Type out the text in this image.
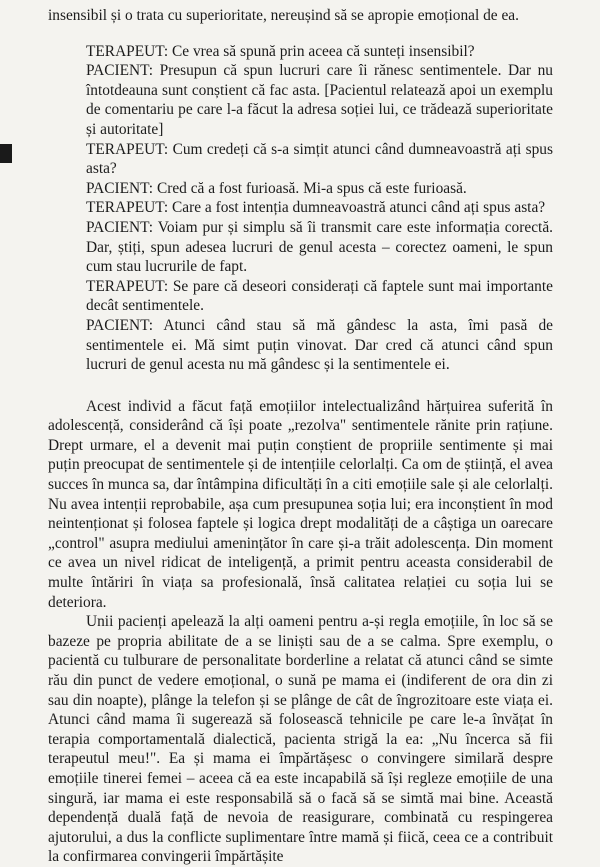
insensibil și o trata cu superioritate, nereușind să se apropie emoțional de ea.

TERAPEUT: Ce vrea să spună prin aceea că sunteți insensibil?

PACIENT: Presupun că spun lucruri care îi rănesc sentimentele. Dar nu întotdeauna sunt conștient că fac asta. [Pacientul relatează apoi un exemplu de comentariu pe care l-a făcut la adresa soției lui, ce trădează superioritate și autoritate]

TERAPEUT: Cum credeți că s-a simțit atunci când dumneavoastră ați spus asta?

PACIENT: Cred că a fost furioasă. Mi-a spus că este furioasă.

TERAPEUT: Care a fost intenția dumneavoastră atunci când ați spus asta?

PACIENT: Voiam pur și simplu să îi transmit care este informația corectă. Dar, știți, spun adesea lucruri de genul acesta – corectez oameni, le spun cum stau lucrurile de fapt.

TERAPEUT: Se pare că deseori considerați că faptele sunt mai importante decât sentimentele.

PACIENT: Atunci când stau să mă gândesc la asta, îmi pasă de sentimentele ei. Mă simt puțin vinovat. Dar cred că atunci când spun lucruri de genul acesta nu mă gândesc și la sentimentele ei.

Acest individ a făcut față emoțiilor intelectualizând hărțuirea suferită în adolescență, considerând că își poate „rezolva" sentimentele rănite prin rațiune. Drept urmare, el a devenit mai puțin conștient de propriile sentimente și mai puțin preocupat de sentimentele și de intențiile celorlalți. Ca om de știință, el avea succes în munca sa, dar întâmpina dificultăți în a citi emoțiile sale și ale celorlalți. Nu avea intenții reprobabile, așa cum presupunea soția lui; era inconștient în mod neintenționat și folosea faptele și logica drept modalități de a câștiga un oarecare „control" asupra mediului amenințător în care și-a trăit adolescența. Din moment ce avea un nivel ridicat de inteligență, a primit pentru aceasta considerabil de multe întăriri în viața sa profesională, însă calitatea relației cu soția lui se deteriora.

Unii pacienți apelează la alți oameni pentru a-și regla emoțiile, în loc să se bazeze pe propria abilitate de a se liniști sau de a se calma. Spre exemplu, o pacientă cu tulburare de personalitate borderline a relatat că atunci când se simte rău din punct de vedere emoțional, o sună pe mama ei (indiferent de ora din zi sau din noapte), plânge la telefon și se plânge de cât de îngrozitoare este viața ei. Atunci când mama îi sugerează să folosească tehnicile pe care le-a învățat în terapia comportamentală dialectică, pacienta strigă la ea: „Nu încerca să fii terapeutul meu!". Ea și mama ei împărtășesc o convingere similară despre emoțiile tinerei femei – aceea că ea este incapabilă să își regleze emoțiile de una singură, iar mama ei este responsabilă să o facă să se simtă mai bine. Această dependență duală față de nevoia de reasigurare, combinată cu respingerea ajutorului, a dus la conflicte suplimentare între mamă și fiică, ceea ce a contribuit la confirmarea convingerii împărtășite
